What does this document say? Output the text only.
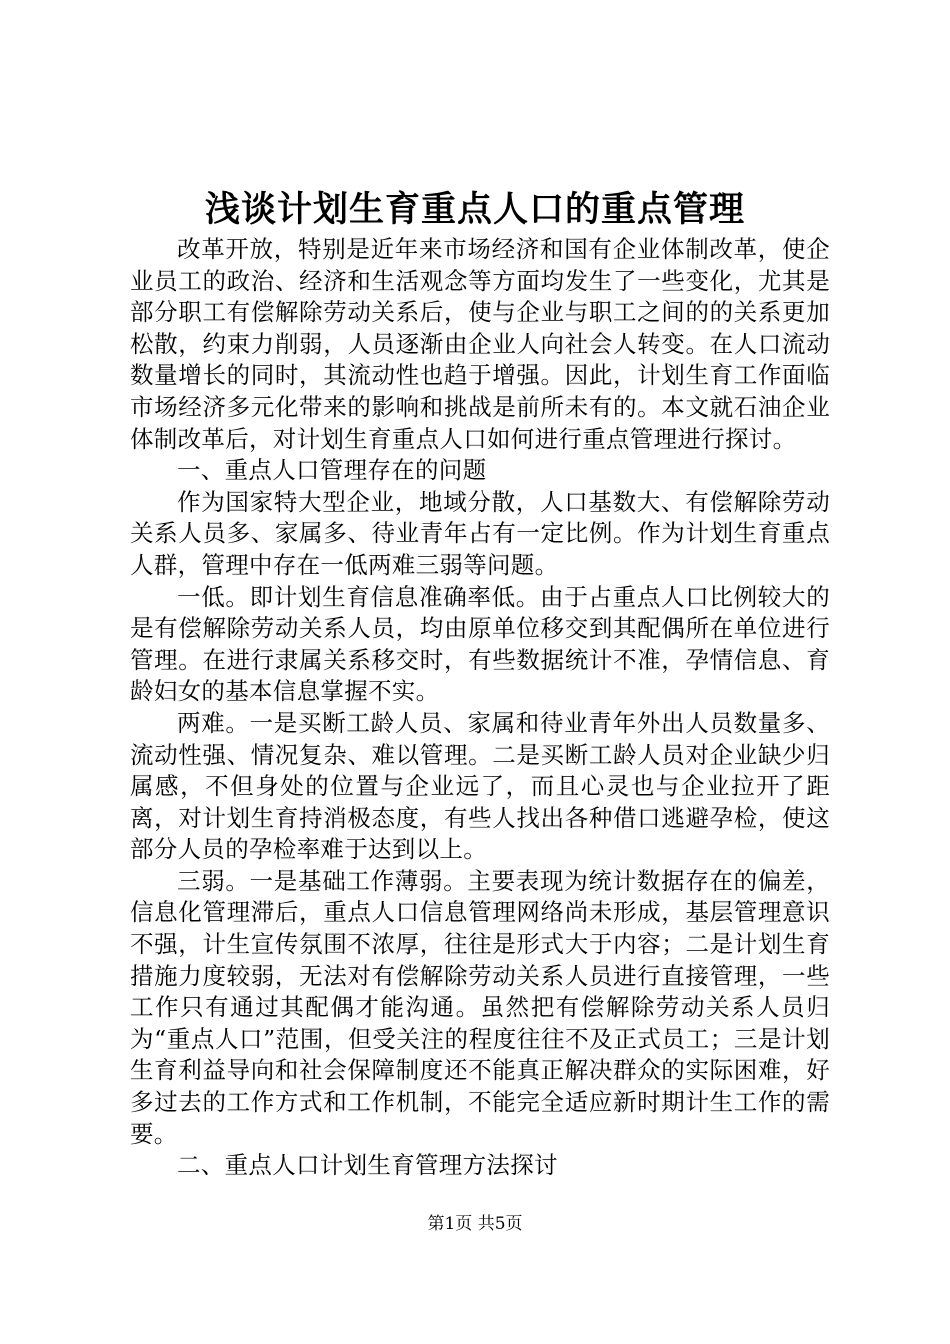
浅谈计划生育重点人口的重点管理

改革开放，特别是近年来市场经济和国有企业体制改革，使企业员工的政治、经济和生活观念等方面均发生了一些变化，尤其是部分职工有偿解除劳动关系后，使与企业与职工之间的的关系更加松散，约束力削弱，人员逐渐由企业人向社会人转变。在人口流动数量增长的同时，其流动性也趋于增强。因此，计划生育工作面临市场经济多元化带来的影响和挑战是前所未有的。本文就石油企业体制改革后，对计划生育重点人口如何进行重点管理进行探讨。

一、重点人口管理存在的问题

作为国家特大型企业，地域分散，人口基数大、有偿解除劳动关系人员多、家属多、待业青年占有一定比例。作为计划生育重点人群，管理中存在一低两难三弱等问题。

一低。即计划生育信息准确率低。由于占重点人口比例较大的是有偿解除劳动关系人员，均由原单位移交到其配偶所在单位进行管理。在进行隶属关系移交时，有些数据统计不准，孕情信息、育龄妇女的基本信息掌握不实。

两难。一是买断工龄人员、家属和待业青年外出人员数量多、流动性强、情况复杂、难以管理。二是买断工龄人员对企业缺少归属感，不但身处的位置与企业远了，而且心灵也与企业拉开了距离，对计划生育持消极态度，有些人找出各种借口逃避孕检，使这部分人员的孕检率难于达到以上。

三弱。一是基础工作薄弱。主要表现为统计数据存在的偏差，信息化管理滞后，重点人口信息管理网络尚未形成，基层管理意识不强，计生宣传氛围不浓厚，往往是形式大于内容；二是计划生育措施力度较弱，无法对有偿解除劳动关系人员进行直接管理，一些工作只有通过其配偶才能沟通。虽然把有偿解除劳动关系人员归为“重点人口”范围，但受关注的程度往往不及正式员工；三是计划生育利益导向和社会保障制度还不能真正解决群众的实际困难，好多过去的工作方式和工作机制，不能完全适应新时期计生工作的需要。

二、重点人口计划生育管理方法探讨

第1页 共5页
